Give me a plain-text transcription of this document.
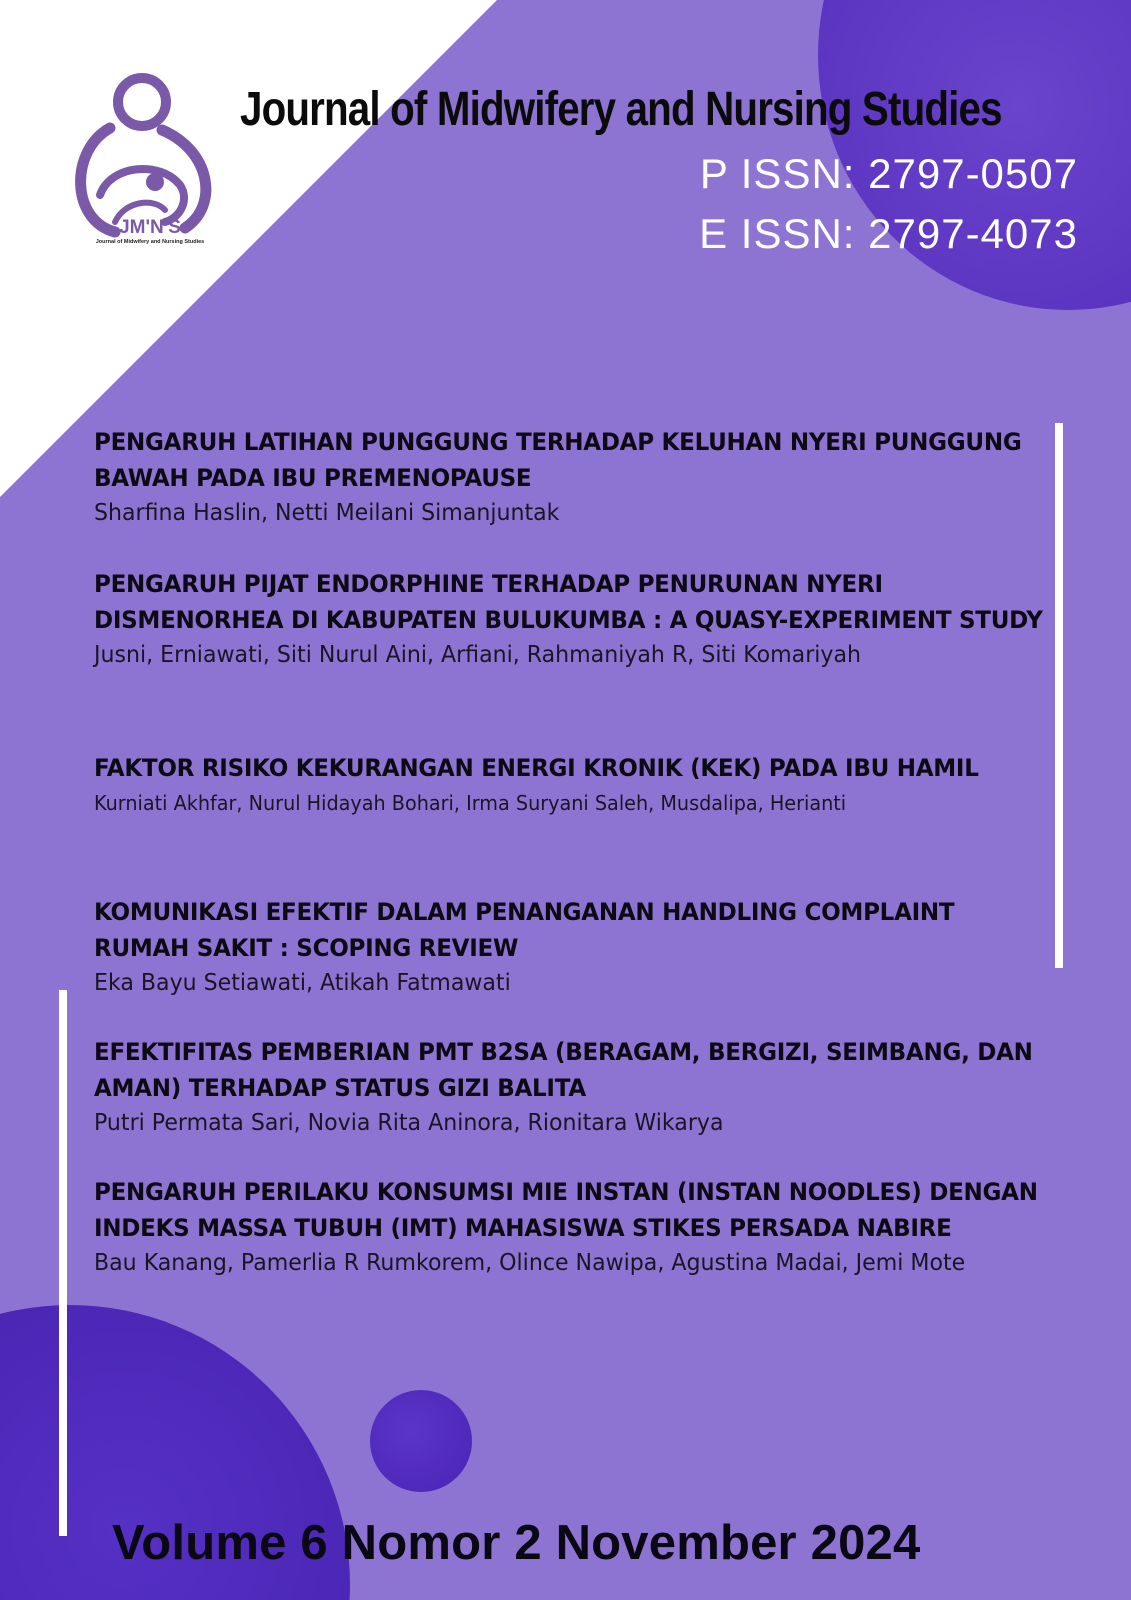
JM'N'S
Journal of Midwifery and Nursing Studies
Journal of Midwifery and Nursing Studies
P ISSN: 2797-0507
E ISSN: 2797-4073
PENGARUH LATIHAN PUNGGUNG TERHADAP KELUHAN NYERI PUNGGUNG BAWAH PADA IBU PREMENOPAUSE
Sharfina Haslin, Netti Meilani Simanjuntak
PENGARUH PIJAT ENDORPHINE TERHADAP PENURUNAN NYERI DISMENORHEA DI KABUPATEN BULUKUMBA : A QUASY-EXPERIMENT STUDY
Jusni, Erniawati, Siti Nurul Aini, Arfiani, Rahmaniyah R, Siti Komariyah
FAKTOR RISIKO KEKURANGAN ENERGI KRONIK (KEK) PADA IBU HAMIL
Kurniati Akhfar, Nurul Hidayah Bohari, Irma Suryani Saleh, Musdalipa, Herianti
KOMUNIKASI EFEKTIF DALAM PENANGANAN HANDLING COMPLAINT RUMAH SAKIT : SCOPING REVIEW
Eka Bayu Setiawati, Atikah Fatmawati
EFEKTIFITAS PEMBERIAN PMT B2SA (BERAGAM, BERGIZI, SEIMBANG, DAN AMAN) TERHADAP STATUS GIZI BALITA
Putri Permata Sari, Novia Rita Aninora, Rionitara Wikarya
PENGARUH PERILAKU KONSUMSI MIE INSTAN (INSTAN NOODLES) DENGAN INDEKS MASSA TUBUH (IMT) MAHASISWA STIKES PERSADA NABIRE
Bau Kanang, Pamerlia R Rumkorem, Olince Nawipa, Agustina Madai, Jemi Mote
Volume 6 Nomor 2 November 2024
